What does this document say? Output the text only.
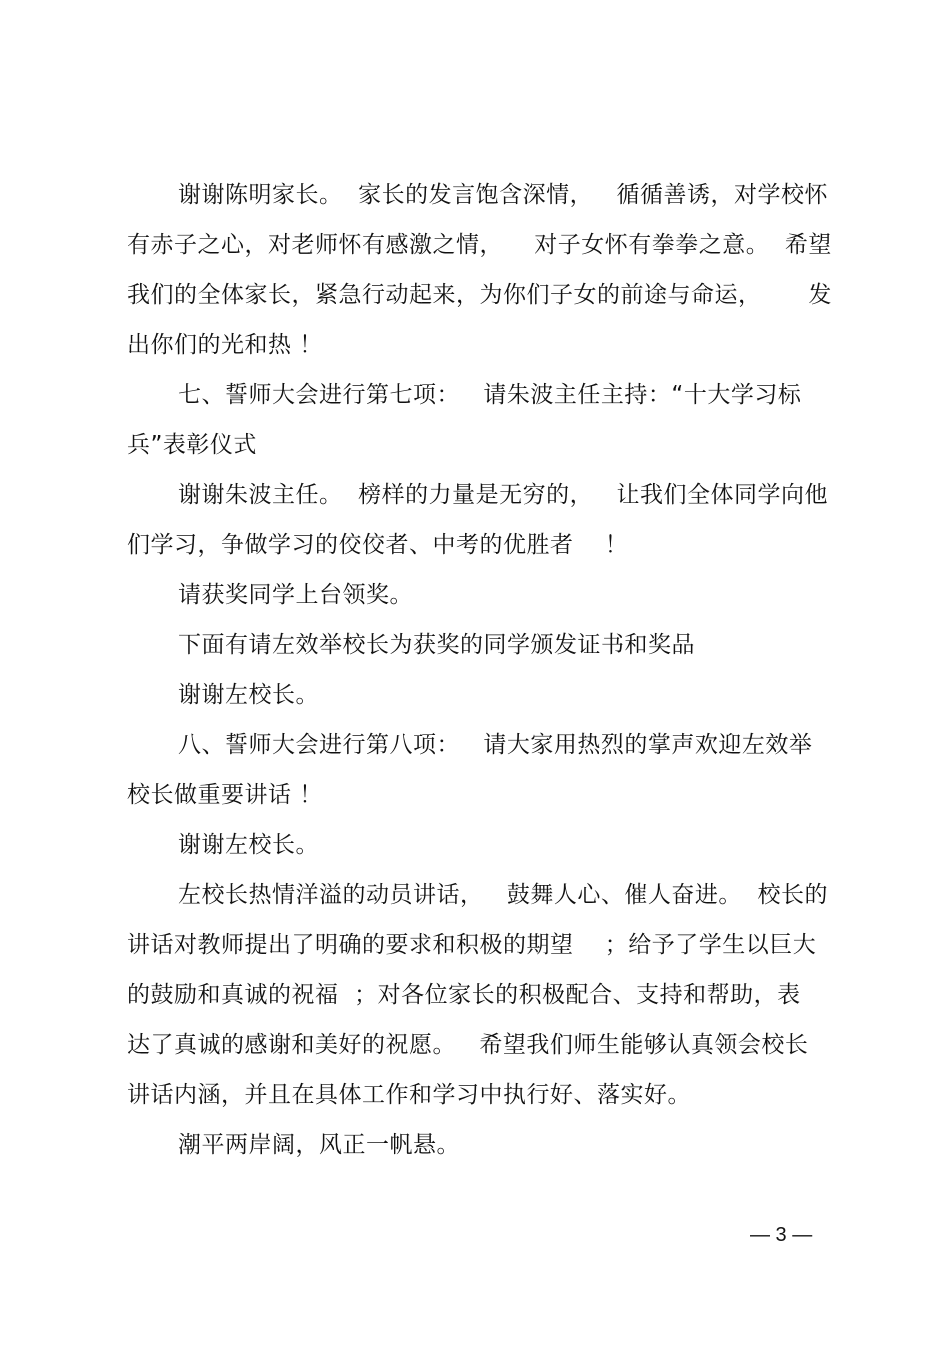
谢谢陈明家长。  家长的发言饱含深情，   循循善诱，对学校怀
有赤子之心，对老师怀有感激之情，    对子女怀有拳拳之意。  希望
我们的全体家长，紧急行动起来，为你们子女的前途与命运，      发
出你们的光和热 ！
七、誓师大会进行第七项：   请朱波主任主持：“十大学习标
兵”表彰仪式
谢谢朱波主任。  榜样的力量是无穷的，   让我们全体同学向他
们学习，争做学习的佼佼者、中考的优胜者    ！
请获奖同学上台领奖。
下面有请左效举校长为获奖的同学颁发证书和奖品
谢谢左校长。
八、誓师大会进行第八项：   请大家用热烈的掌声欢迎左效举
校长做重要讲话 ！
谢谢左校长。
左校长热情洋溢的动员讲话，   鼓舞人心、催人奋进。  校长的
讲话对教师提出了明确的要求和积极的期望    ；给予了学生以巨大
的鼓励和真诚的祝福  ；对各位家长的积极配合、支持和帮助，表
达了真诚的感谢和美好的祝愿。   希望我们师生能够认真领会校长
讲话内涵，并且在具体工作和学习中执行好、落实好。
潮平两岸阔，风正一帆悬。
— 3 —
